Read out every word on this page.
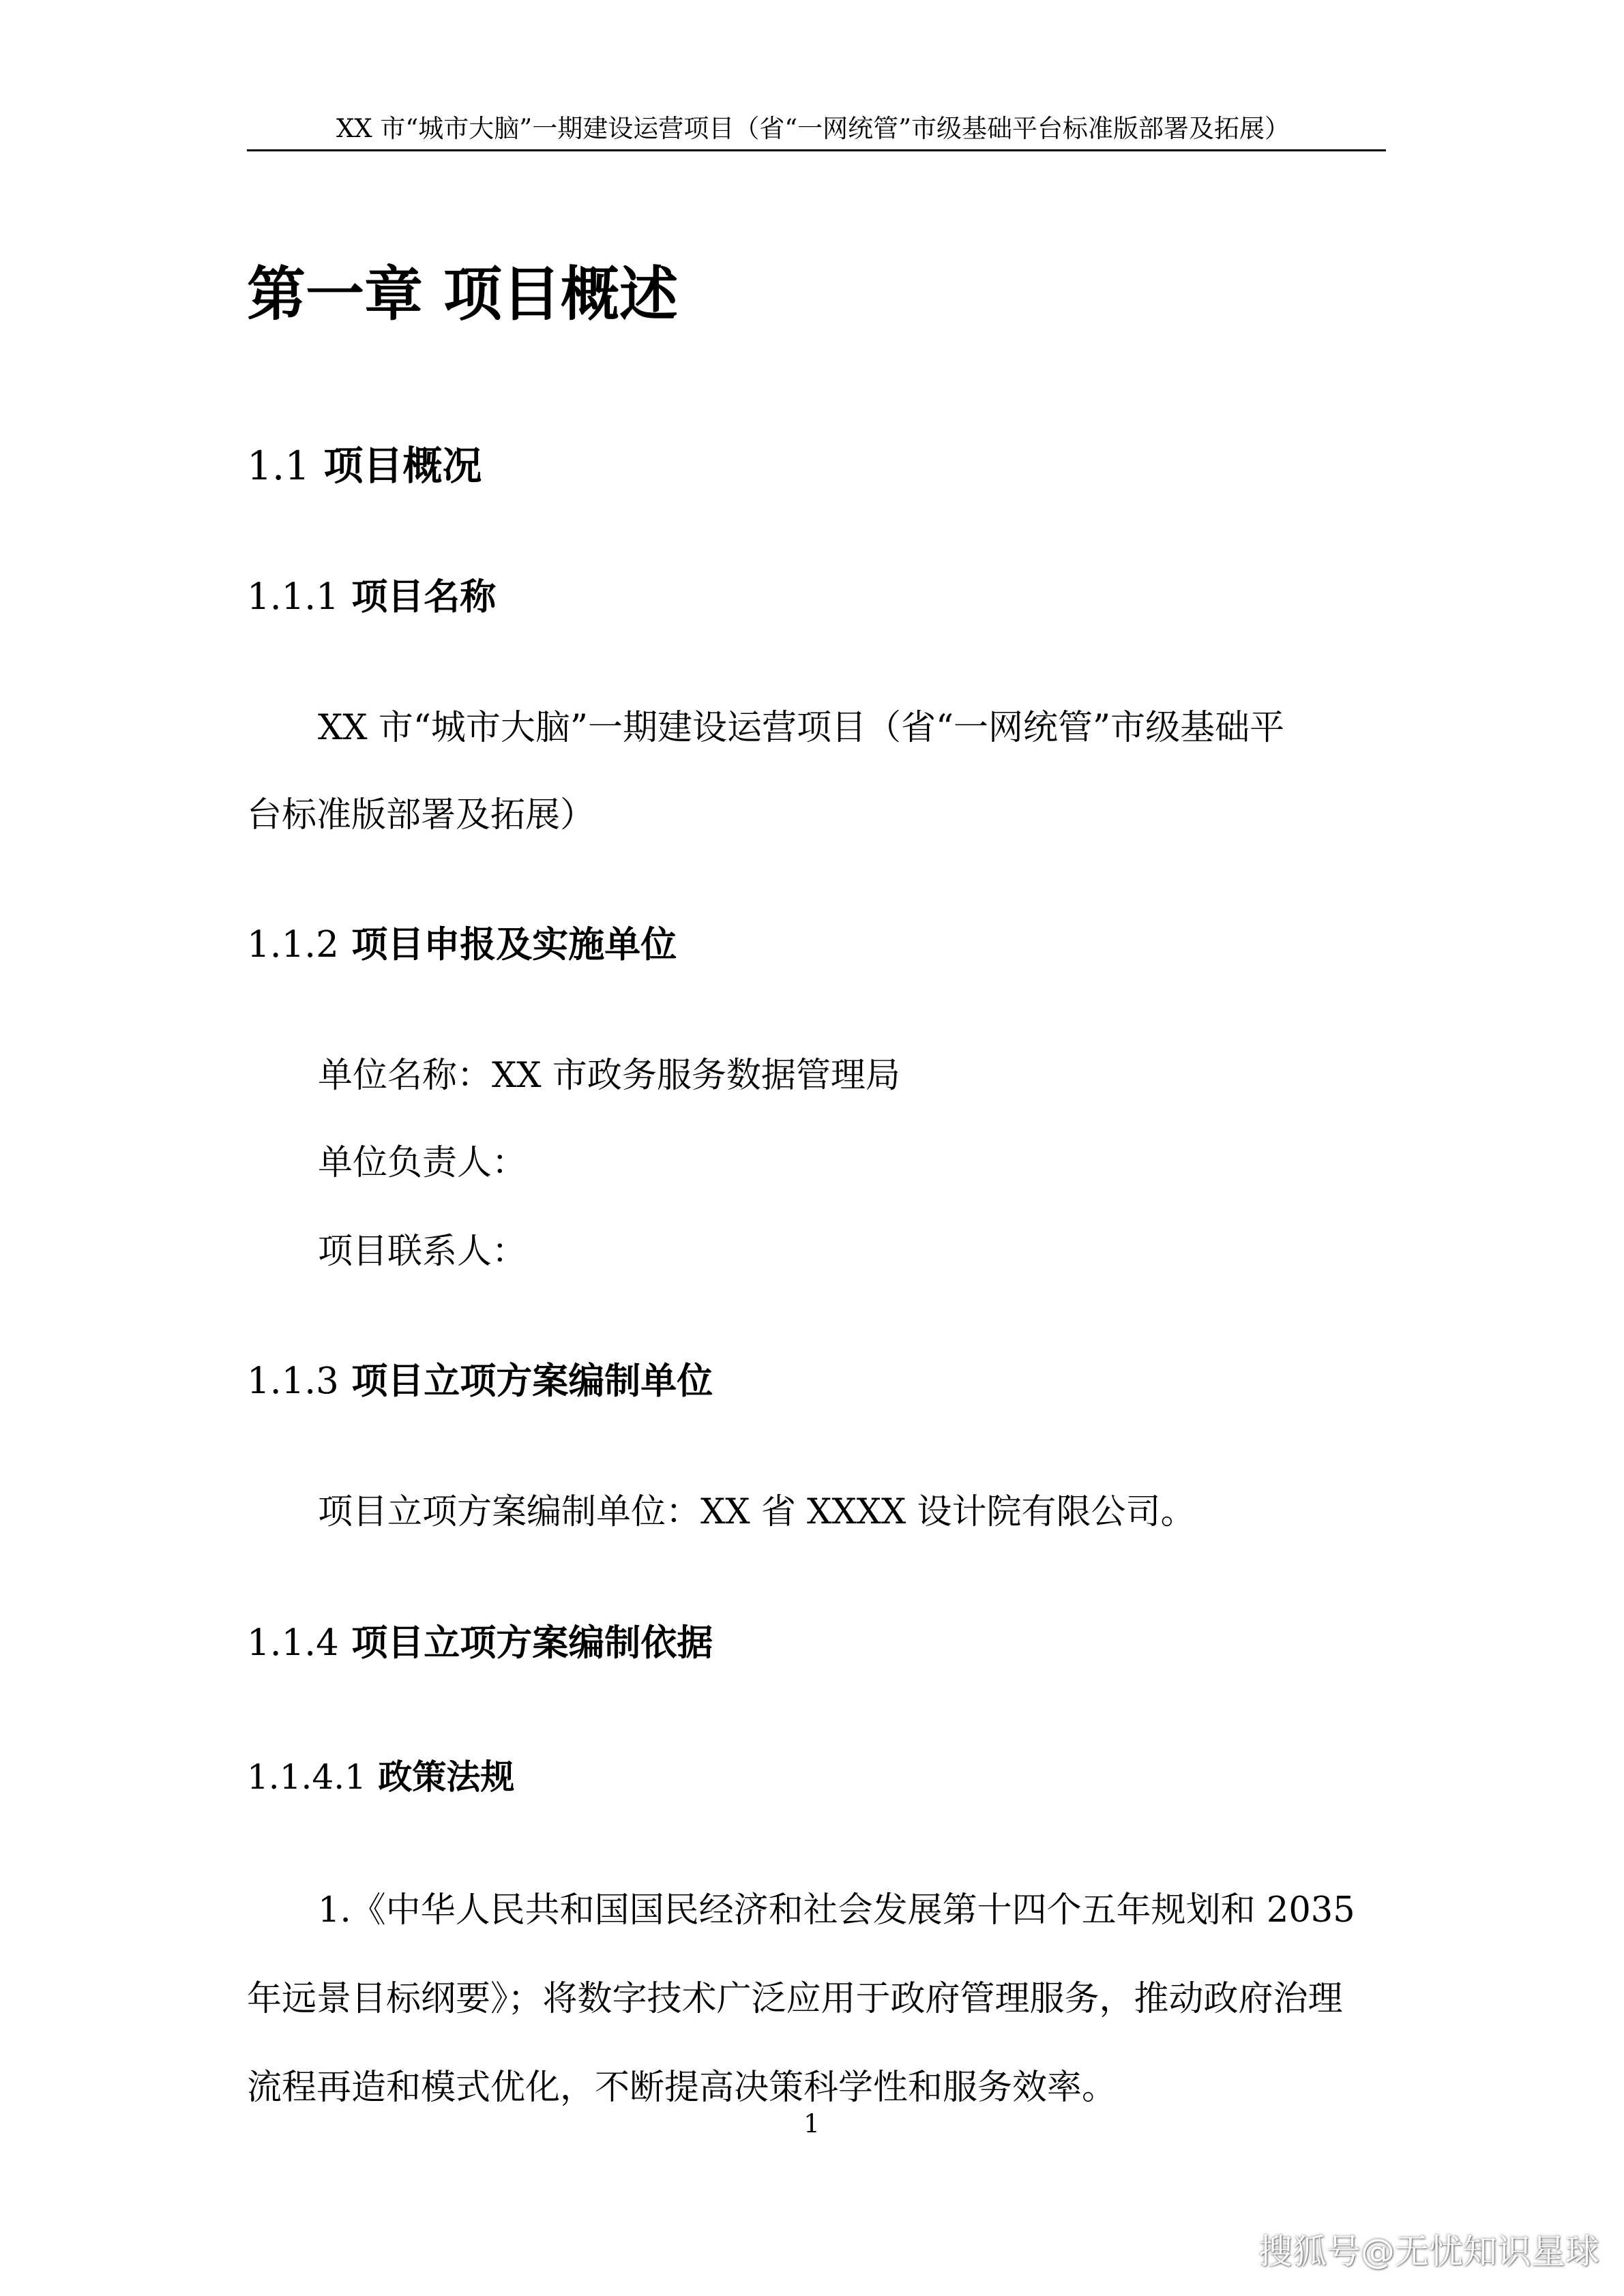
XX 市“城市大脑”一期建设运营项目（省“一网统管”市级基础平台标准版部署及拓展）
第一章 项目概述
1.1 项目概况
1.1.1 项目名称
XX 市“城市大脑”一期建设运营项目（省“一网统管”市级基础平
台标准版部署及拓展）
1.1.2 项目申报及实施单位
单位名称：XX 市政务服务数据管理局
单位负责人：
项目联系人：
1.1.3 项目立项方案编制单位
项目立项方案编制单位：XX 省 XXXX 设计院有限公司。
1.1.4 项目立项方案编制依据
1.1.4.1 政策法规
1.《中华人民共和国国民经济和社会发展第十四个五年规划和 2035
年远景目标纲要》；将数字技术广泛应用于政府管理服务，推动政府治理
流程再造和模式优化，不断提高决策科学性和服务效率。
1
搜狐号@无忧知识星球
